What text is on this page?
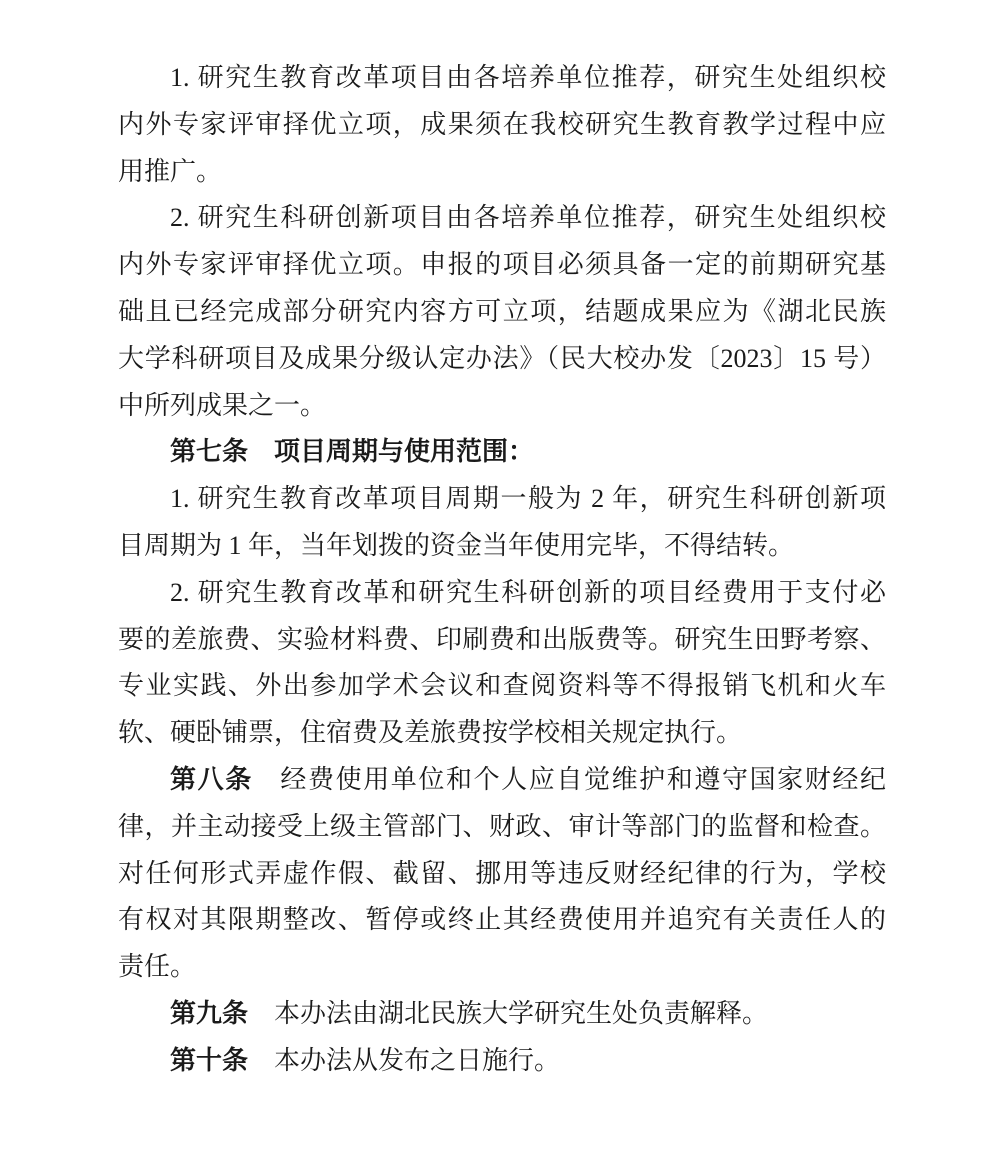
1. 研究生教育改革项目由各培养单位推荐，研究生处组织校
内外专家评审择优立项，成果须在我校研究生教育教学过程中应
用推广。
2. 研究生科研创新项目由各培养单位推荐，研究生处组织校
内外专家评审择优立项。申报的项目必须具备一定的前期研究基
础且已经完成部分研究内容方可立项，结题成果应为《湖北民族
大学科研项目及成果分级认定办法》（民大校办发〔2023〕15 号）
中所列成果之一。
第七条　项目周期与使用范围：
1. 研究生教育改革项目周期一般为 2 年，研究生科研创新项
目周期为 1 年，当年划拨的资金当年使用完毕，不得结转。
2. 研究生教育改革和研究生科研创新的项目经费用于支付必
要的差旅费、实验材料费、印刷费和出版费等。研究生田野考察、
专业实践、外出参加学术会议和查阅资料等不得报销飞机和火车
软、硬卧铺票，住宿费及差旅费按学校相关规定执行。
第八条　经费使用单位和个人应自觉维护和遵守国家财经纪
律，并主动接受上级主管部门、财政、审计等部门的监督和检查。
对任何形式弄虚作假、截留、挪用等违反财经纪律的行为，学校
有权对其限期整改、暂停或终止其经费使用并追究有关责任人的
责任。
第九条　本办法由湖北民族大学研究生处负责解释。
第十条　本办法从发布之日施行。
